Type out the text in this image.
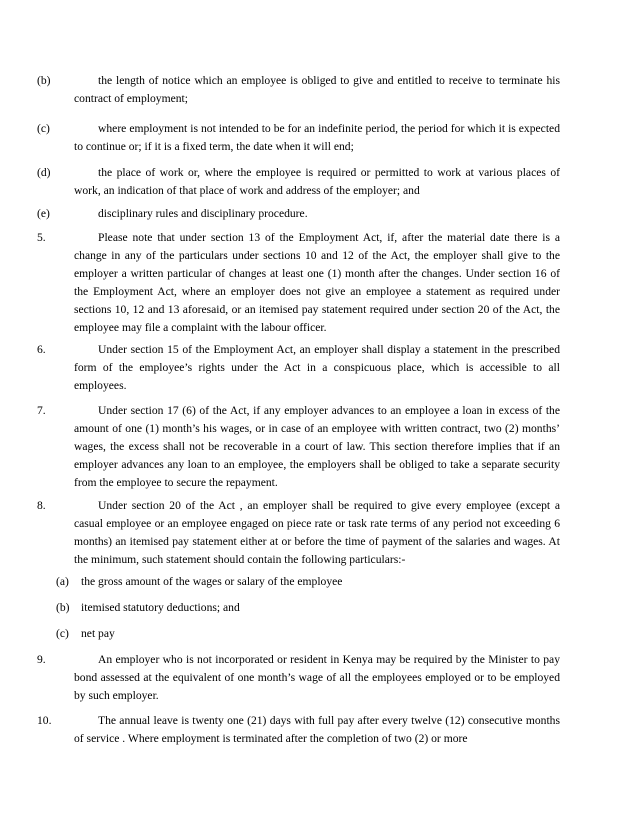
(b)	the length of notice which an employee is obliged to give and entitled to receive to terminate his contract of employment;
(c)	where employment is not intended to be for an indefinite period, the period for which it is expected to continue or; if it is a fixed term, the date when it will end;
(d)	the place of work or, where the employee is required or permitted to work at various places of work, an indication of that place of work and address of the employer; and
(e)	disciplinary rules and disciplinary procedure.
5.	Please note that under section 13 of the Employment Act, if, after the material date there is a change in any of the particulars under sections 10 and 12 of the Act, the employer shall give to the employer a written particular of changes at least one (1) month after the changes. Under section 16 of the Employment Act, where an employer does not give an employee a statement as required under sections 10, 12 and 13 aforesaid, or an itemised pay statement required under section 20 of the Act, the employee may file a complaint with the labour officer.
6.	Under section 15 of the Employment Act, an employer shall display a statement in the prescribed form of the employee’s rights under the Act in a conspicuous place, which is accessible to all employees.
7.	Under section 17 (6) of the Act, if any employer advances to an employee a loan in excess of the amount of one (1) month’s his wages, or in case of an employee with written contract, two (2) months’ wages, the excess shall not be recoverable in a court of law. This section therefore implies that if an employer advances any loan to an employee, the employers shall be obliged to take a separate security from the employee to secure the repayment.
8.	Under section 20 of the Act , an employer shall be required to give every employee (except a casual employee or an employee engaged on piece rate or task rate terms of any period not exceeding 6 months) an itemised pay statement either at or before the time of payment of the salaries and wages. At the minimum, such statement should contain the following particulars:-
(a) the gross amount of the wages or salary of the employee
(b) itemised statutory deductions; and
(c) net pay
9.	An employer who is not incorporated or resident in Kenya may be required by the Minister to pay bond assessed at the equivalent of one month’s wage of all the employees employed or to be employed by such employer.
10.	The annual leave is twenty one (21) days with full pay after every twelve (12) consecutive months of service . Where employment is terminated after the completion of two (2) or more
